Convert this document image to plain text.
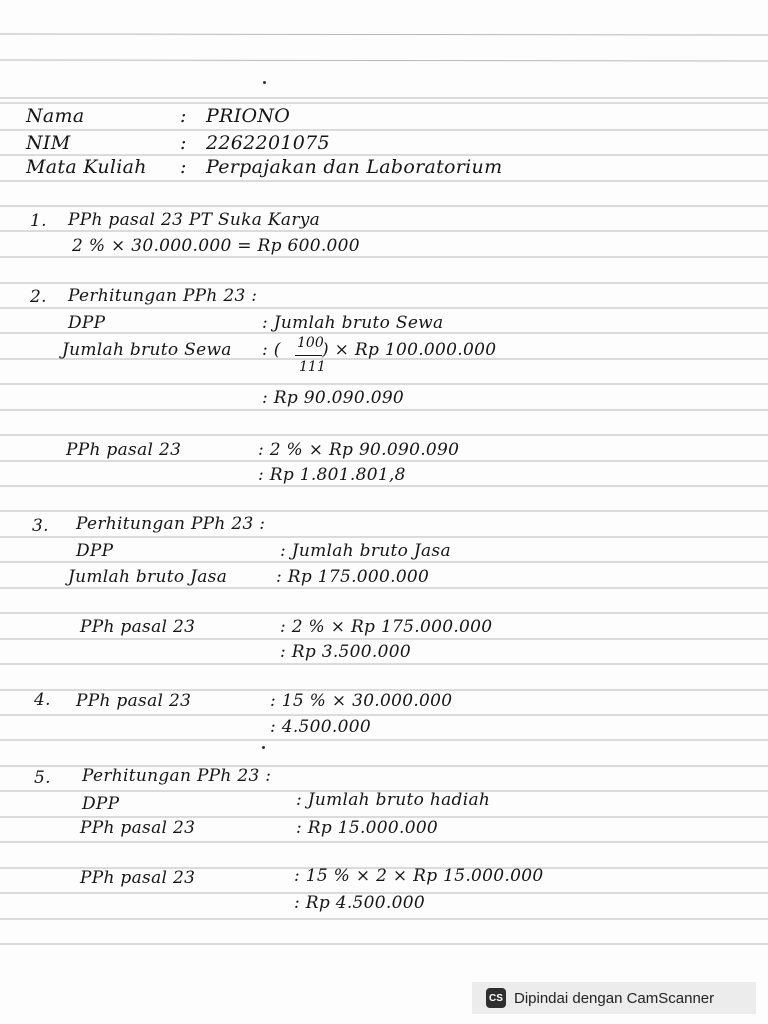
Nama	: PRIONO
NIM	: 2262201075
Mata Kuliah : Perpajakan dan Laboratorium
1. PPh pasal 23 PT Suka Karya
2 % × 30.000.000 = Rp 600.000
2. Perhitungan PPh 23 :
DPP	: Jumlah bruto Sewa
Jumlah bruto Sewa : ( 100
111
) × Rp 100.000.000
: Rp 90.090.090
PPh pasal 23	: 2 % × Rp 90.090.090
: Rp 1.801.801,8
3. Perhitungan PPh 23 :
DPP	: Jumlah bruto Jasa
Jumlah bruto Jasa	: Rp 175.000.000
PPh pasal 23	: 2 % × Rp 175.000.000
: Rp 3.500.000
4. PPh pasal 23	: 15 % × 30.000.000
: 4.500.000
5. Perhitungan PPh 23 :
DPP	: Jumlah bruto hadiah
PPh pasal 23	: Rp 15.000.000
PPh pasal 23	: 15 % × 2 × Rp 15.000.000
: Rp 4.500.000
CS Dipindai dengan CamScanner
